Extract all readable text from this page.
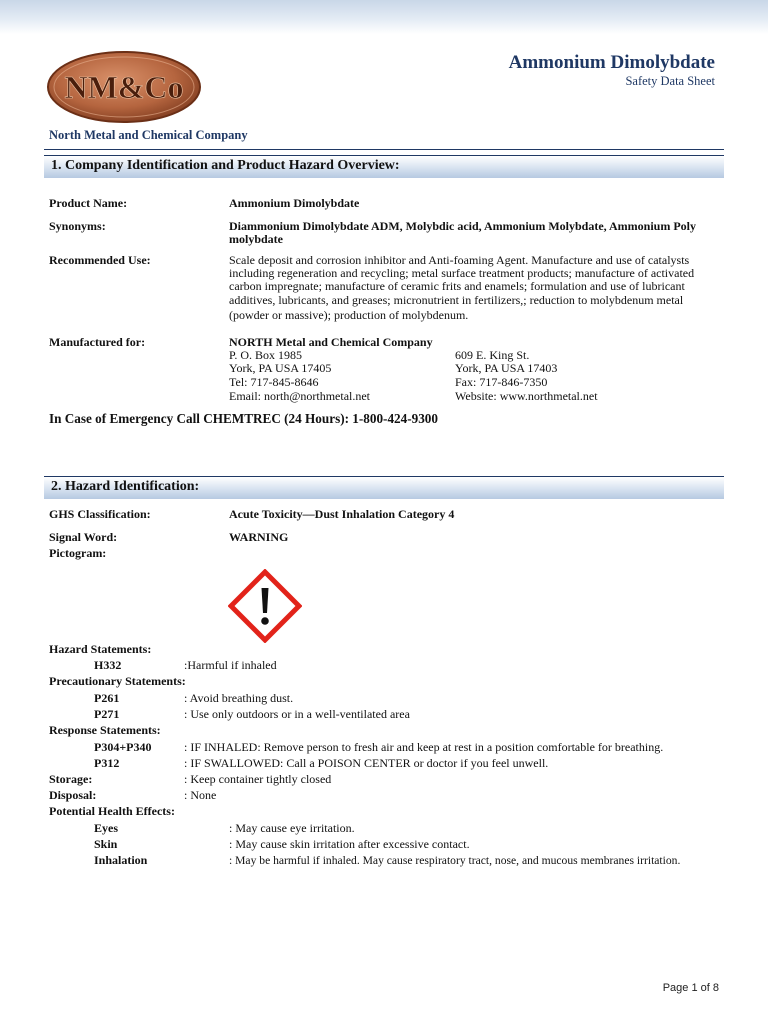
NM&Co
North Metal and Chemical Company
Ammonium Dimolybdate
Safety Data Sheet
1. Company Identification and Product Hazard Overview:
Product Name:	Ammonium Dimolybdate
Synonyms:	Diammonium Dimolybdate ADM, Molybdic acid, Ammonium Molybdate, Ammonium Poly
molybdate
Recommended Use:	Scale deposit and corrosion inhibitor and Anti-foaming Agent. Manufacture and use of catalysts
including regeneration and recycling; metal surface treatment products; manufacture of activated
carbon impregnate; manufacture of ceramic frits and enamels; formulation and use of lubricant
additives, lubricants, and greases; micronutrient in fertilizers,; reduction to molybdenum metal
(powder or massive); production of molybdenum.
Manufactured for:	NORTH Metal and Chemical Company
P. O. Box 1985
York, PA USA 17405
Tel: 717-845-8646
Email: north@northmetal.net
609 E. King St.
York, PA USA 17403
Fax: 717-846-7350
Website: www.northmetal.net
In Case of Emergency Call CHEMTREC (24 Hours): 1-800-424-9300
2. Hazard Identification:
GHS Classification:	Acute Toxicity—Dust Inhalation Category 4
Signal Word:	WARNING
Pictogram:
Hazard Statements:
H332	:Harmful if inhaled
Precautionary Statements:
P261	: Avoid breathing dust.
P271	: Use only outdoors or in a well-ventilated area
Response Statements:
P304+P340	: IF INHALED: Remove person to fresh air and keep at rest in a position comfortable for breathing.
P312	: IF SWALLOWED: Call a POISON CENTER or doctor if you feel unwell.
Storage:	: Keep container tightly closed
Disposal:	: None
Potential Health Effects:
Eyes	: May cause eye irritation.
Skin	: May cause skin irritation after excessive contact.
Inhalation	: May be harmful if inhaled. May cause respiratory tract, nose, and mucous membranes irritation.
Page 1 of 8
